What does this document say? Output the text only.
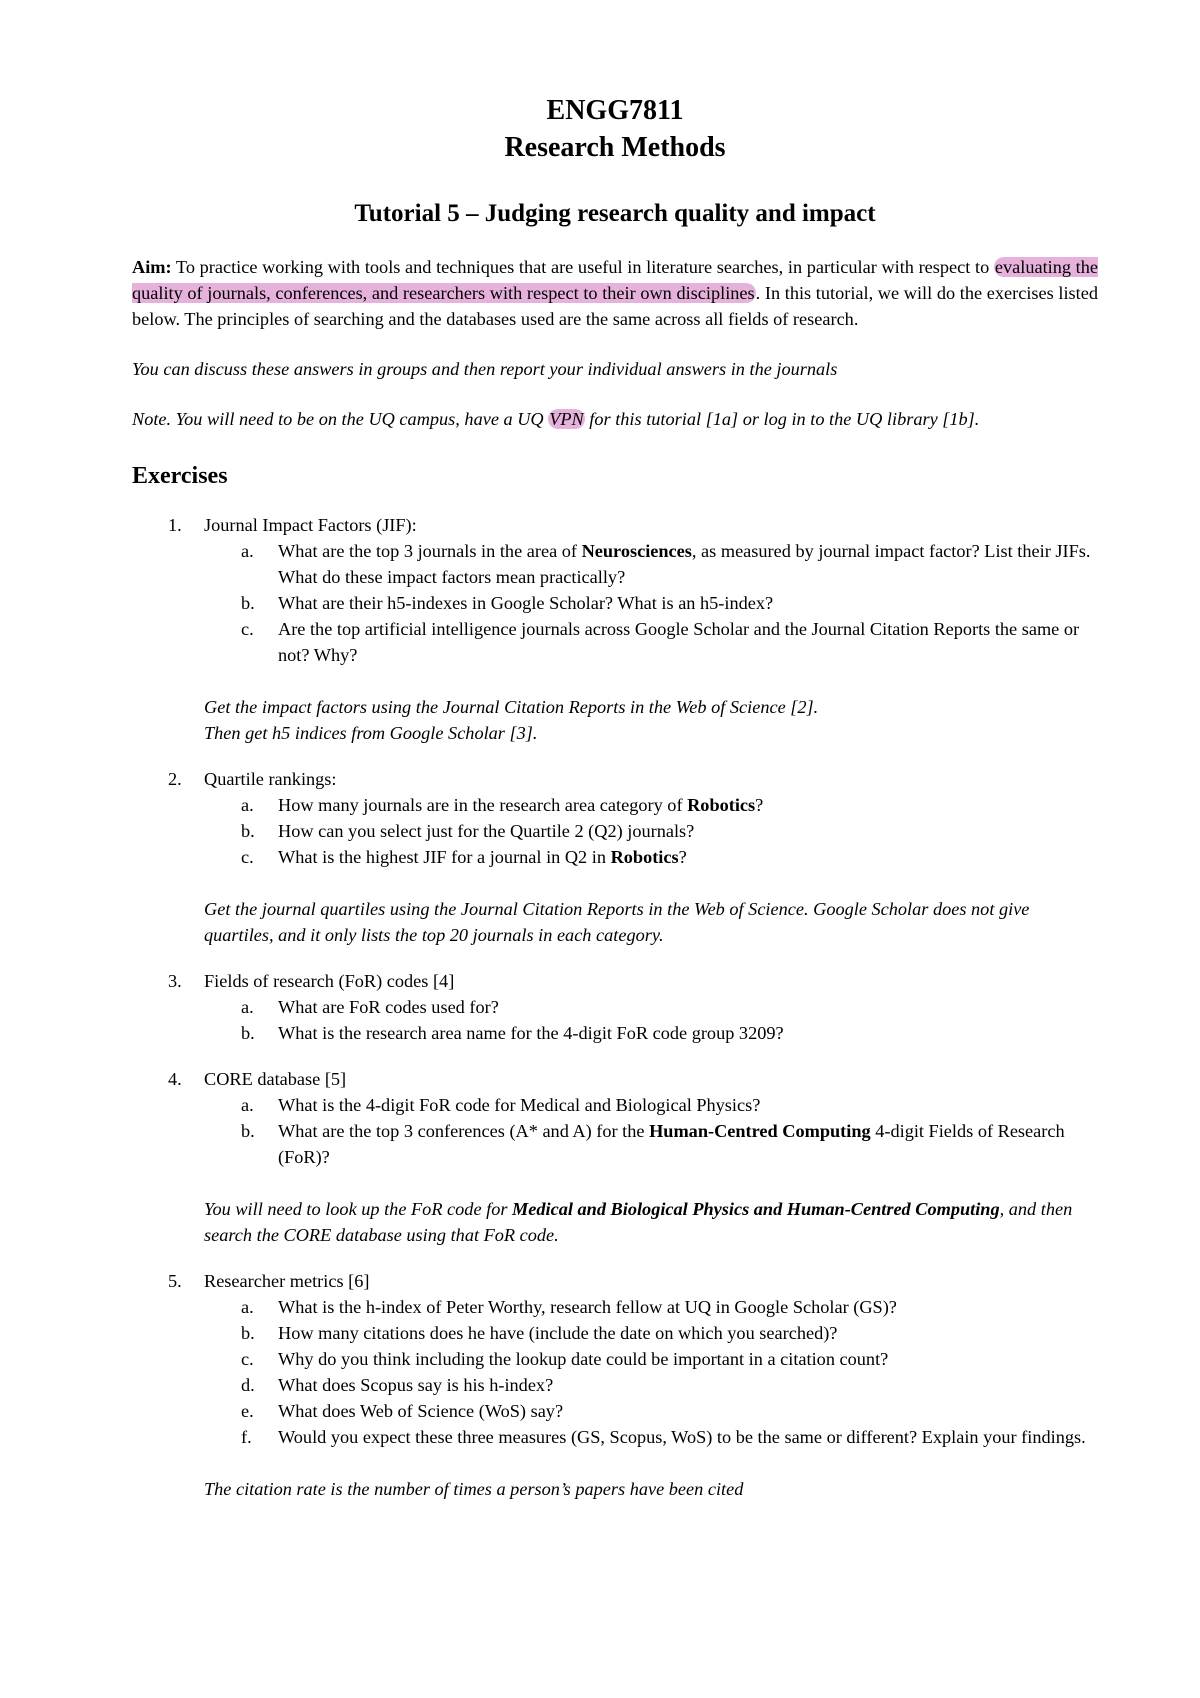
ENGG7811

Research Methods

Tutorial 5 – Judging research quality and impact

Aim: To practice working with tools and techniques that are useful in literature searches, in particular with respect to evaluating the quality of journals, conferences, and researchers with respect to their own disciplines. In this tutorial, we will do the exercises listed below. The principles of searching and the databases used are the same across all fields of research.

You can discuss these answers in groups and then report your individual answers in the journals

Note. You will need to be on the UQ campus, have a UQ VPN for this tutorial [1a] or log in to the UQ library [1b].

Exercises

1. Journal Impact Factors (JIF):

a. What are the top 3 journals in the area of Neurosciences, as measured by journal impact factor? List their JIFs. What do these impact factors mean practically?

b. What are their h5-indexes in Google Scholar? What is an h5-index?

c. Are the top artificial intelligence journals across Google Scholar and the Journal Citation Reports the same or not? Why?

Get the impact factors using the Journal Citation Reports in the Web of Science [2].
Then get h5 indices from Google Scholar [3].

2. Quartile rankings:

a. How many journals are in the research area category of Robotics?

b. How can you select just for the Quartile 2 (Q2) journals?

c. What is the highest JIF for a journal in Q2 in Robotics?

Get the journal quartiles using the Journal Citation Reports in the Web of Science. Google Scholar does not give quartiles, and it only lists the top 20 journals in each category.

3. Fields of research (FoR) codes [4]

a. What are FoR codes used for?

b. What is the research area name for the 4-digit FoR code group 3209?

4. CORE database [5]

a. What is the 4-digit FoR code for Medical and Biological Physics?

b. What are the top 3 conferences (A* and A) for the Human-Centred Computing 4-digit Fields of Research (FoR)?

You will need to look up the FoR code for Medical and Biological Physics and Human-Centred Computing, and then search the CORE database using that FoR code.

5. Researcher metrics [6]

a. What is the h-index of Peter Worthy, research fellow at UQ in Google Scholar (GS)?

b. How many citations does he have (include the date on which you searched)?

c. Why do you think including the lookup date could be important in a citation count?

d. What does Scopus say is his h-index?

e. What does Web of Science (WoS) say?

f. Would you expect these three measures (GS, Scopus, WoS) to be the same or different? Explain your findings.

The citation rate is the number of times a person’s papers have been cited
